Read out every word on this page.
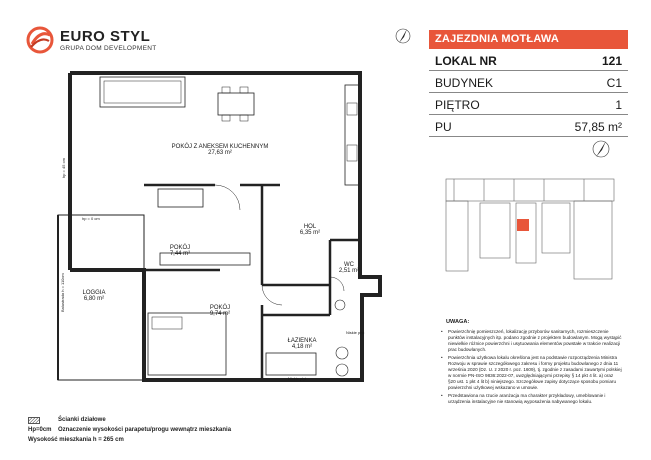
EURO STYL
GRUPA DOM DEVELOPMENT
POKÓJ Z ANEKSEM KUCHENNYM
27,63 m²
HOL
6,35 m²
POKÓJ
7,44 m²
POKÓJ
9,74 m²
LOGGIA
6,80 m²
WC
2,51 m²
ŁAZIENKA
4,18 m²
hp = 0 cm
hp = 45 cm
Balustrada h = 110cm
Niskie płyt
Niskie płyt
Ścianki działowe
Hp=0cm Oznaczenie wysokości parapetu/progu wewnątrz mieszkania
Wysokość mieszkania h = 265 cm
ZAJEZDNIA MOTŁAWA
LOKAL NR	121
BUDYNEK	C1
PIĘTRO	1
PU	57,85 m²
UWAGA:
• Powierzchnię pomieszczeń, lokalizację przyborów sanitarnych, rozmieszczenie punktów instalacyjnych itp. podano zgodnie z projektem budowlanym. Mogą wystąpić niewielkie różnice powierzchni i usytuowania elementów powstałe w trakcie realizacji prac budowlanych.
• Powierzchnia użytkowa lokalu określona jest na podstawie rozporządzenia Ministra Rozwoju w sprawie szczegółowego zakresu i formy projektu budowlanego z dnia 11 września 2020 (Dz. U. z 2020 r. poz. 1609), tj. zgodnie z zasadami zawartymi polskiej w normie PN-ISO 9836:2022-07, uwzględniającymi przepisy § 14 pkt 4 lit. a) oraz §20 ust. 1 pkt 4 lit b) niniejszego. Szczegółowe zapisy dotyczące sposobu pomiaru powierzchni użytkowej wskazano w umowie.
• Przedstawiona na rzucie aranżacja ma charakter przykładowy, umeblowanie i urządzenia instalacyjne nie stanowią wyposażenia nabywanego lokalu.
